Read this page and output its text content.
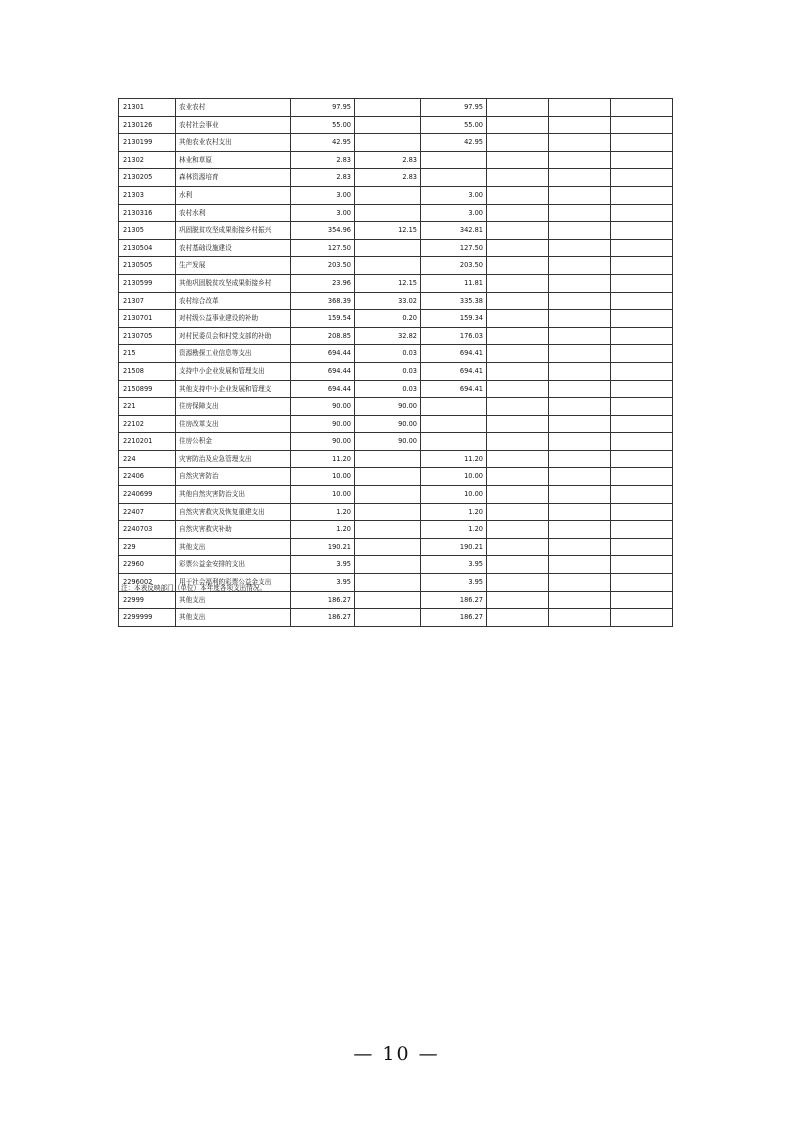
21301	农业农村	97.95		97.95			
2130126	农村社会事业	55.00		55.00			
2130199	其他农业农村支出	42.95		42.95			
21302	林业和草原	2.83	2.83				
2130205	森林资源培育	2.83	2.83				
21303	水利	3.00		3.00			
2130316	农村水利	3.00		3.00			
21305	巩固脱贫攻坚成果衔接乡村振兴	354.96	12.15	342.81			
2130504	农村基础设施建设	127.50		127.50			
2130505	生产发展	203.50		203.50			
2130599	其他巩固脱贫攻坚成果衔接乡村	23.96	12.15	11.81			
21307	农村综合改革	368.39	33.02	335.38			
2130701	对村级公益事业建设的补助	159.54	0.20	159.34			
2130705	对村民委员会和村党支部的补助	208.85	32.82	176.03			
215	资源勘探工业信息等支出	694.44	0.03	694.41			
21508	支持中小企业发展和管理支出	694.44	0.03	694.41			
2150899	其他支持中小企业发展和管理支	694.44	0.03	694.41			
221	住房保障支出	90.00	90.00				
22102	住房改革支出	90.00	90.00				
2210201	住房公积金	90.00	90.00				
224	灾害防治及应急管理支出	11.20		11.20			
22406	自然灾害防治	10.00		10.00			
2240699	其他自然灾害防治支出	10.00		10.00			
22407	自然灾害救灾及恢复重建支出	1.20		1.20			
2240703	自然灾害救灾补助	1.20		1.20			
229	其他支出	190.21		190.21			
22960	彩票公益金安排的支出	3.95		3.95			
2296002	用于社会福利的彩票公益金支出	3.95		3.95			
22999	其他支出	186.27		186.27			
2299999	其他支出	186.27		186.27			
注：本表反映部门（单位）本年度各项支出情况。
— 10 —
